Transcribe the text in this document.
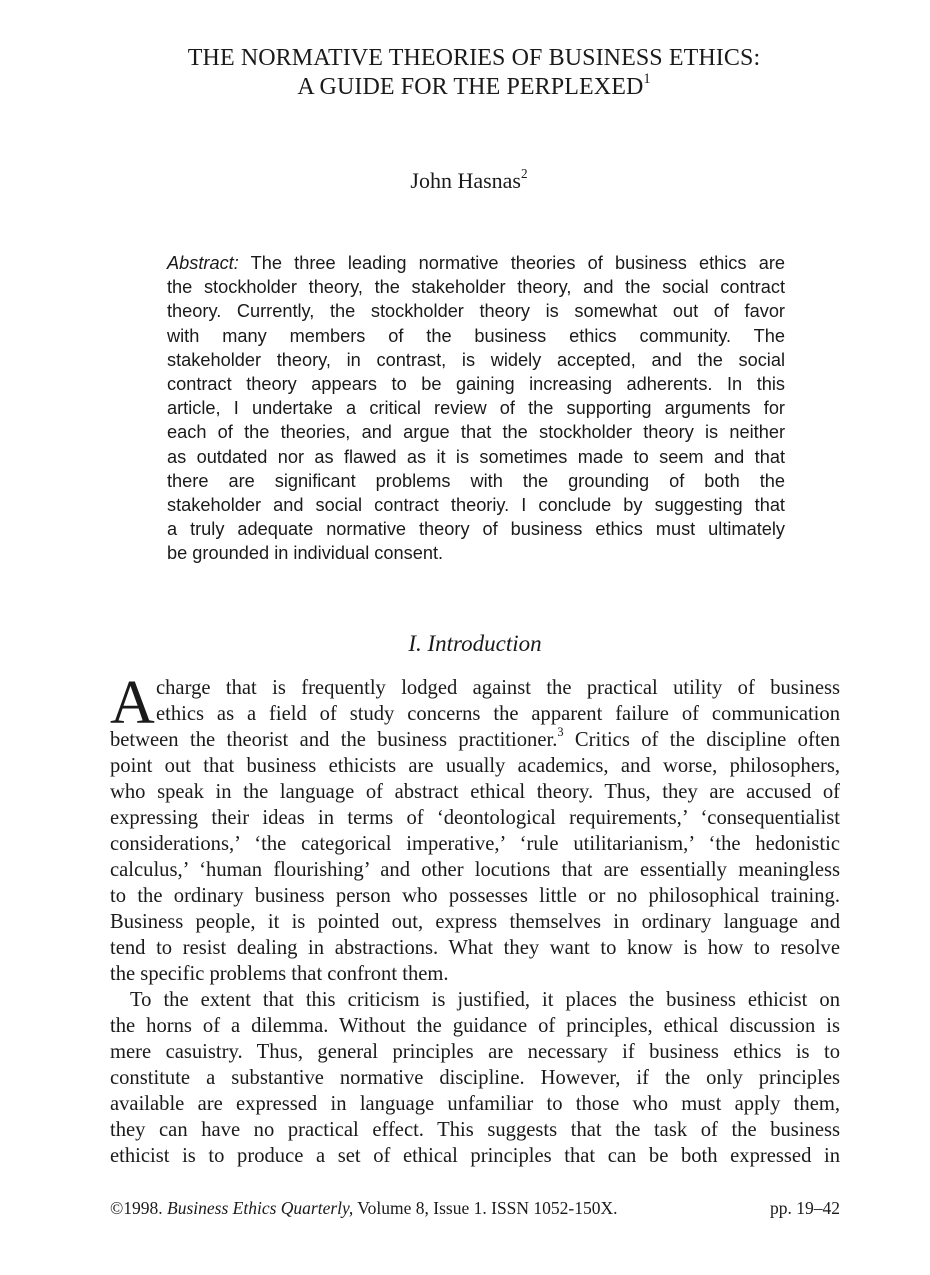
THE NORMATIVE THEORIES OF BUSINESS ETHICS:
A GUIDE FOR THE PERPLEXED$^1$
John Hasnas$^2$
Abstract: The three leading normative theories of business ethics are
the stockholder theory, the stakeholder theory, and the social contract
theory. Currently, the stockholder theory is somewhat out of favor
with many members of the business ethics community. The
stakeholder theory, in contrast, is widely accepted, and the social
contract theory appears to be gaining increasing adherents. In this
article, I undertake a critical review of the supporting arguments for
each of the theories, and argue that the stockholder theory is neither
as outdated nor as flawed as it is sometimes made to seem and that
there are significant problems with the grounding of both the
stakeholder and social contract theoriy. I conclude by suggesting that
a truly adequate normative theory of business ethics must ultimately
be grounded in individual consent.
I. Introduction
A charge that is frequently lodged against the practical utility of business
ethics as a field of study concerns the apparent failure of communication
between the theorist and the business practitioner.$^3$ Critics of the discipline often
point out that business ethicists are usually academics, and worse, philosophers,
who speak in the language of abstract ethical theory. Thus, they are accused of
expressing their ideas in terms of ‘deontological requirements,’ ‘consequentialist
considerations,’ ‘the categorical imperative,’ ‘rule utilitarianism,’ ‘the hedonistic
calculus,’ ‘human flourishing’ and other locutions that are essentially meaningless
to the ordinary business person who possesses little or no philosophical training.
Business people, it is pointed out, express themselves in ordinary language and
tend to resist dealing in abstractions. What they want to know is how to resolve
the specific problems that confront them.
To the extent that this criticism is justified, it places the business ethicist on
the horns of a dilemma. Without the guidance of principles, ethical discussion is
mere casuistry. Thus, general principles are necessary if business ethics is to
constitute a substantive normative discipline. However, if the only principles
available are expressed in language unfamiliar to those who must apply them,
they can have no practical effect. This suggests that the task of the business
ethicist is to produce a set of ethical principles that can be both expressed in
©1998. Business Ethics Quarterly, Volume 8, Issue 1. ISSN 1052-150X.	pp. 19–42
